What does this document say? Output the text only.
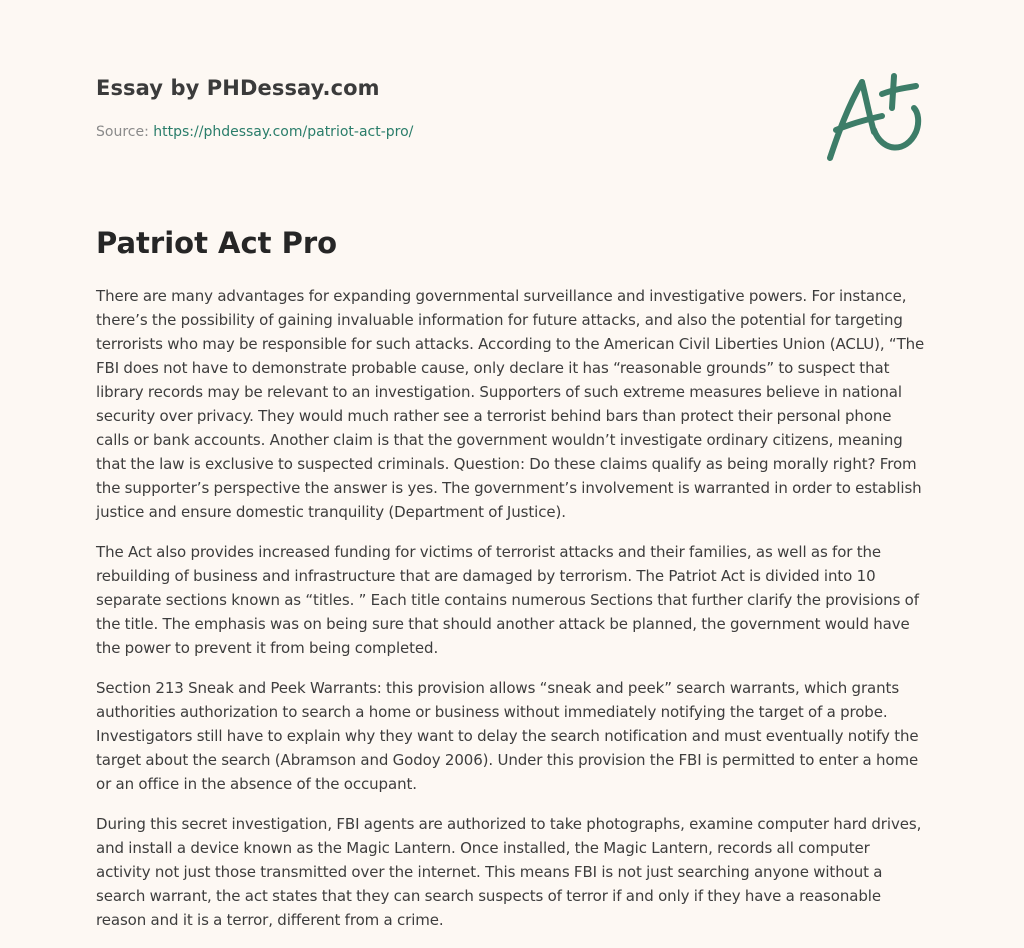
Essay by PHDessay.com
Source: https://phdessay.com/patriot-act-pro/
Patriot Act Pro

There are many advantages for expanding governmental surveillance and investigative powers. For instance, there’s the possibility of gaining invaluable information for future attacks, and also the potential for targeting terrorists who may be responsible for such attacks. According to the American Civil Liberties Union (ACLU), “The FBI does not have to demonstrate probable cause, only declare it has “reasonable grounds” to suspect that library records may be relevant to an investigation. Supporters of such extreme measures believe in national security over privacy. They would much rather see a terrorist behind bars than protect their personal phone calls or bank accounts. Another claim is that the government wouldn’t investigate ordinary citizens, meaning that the law is exclusive to suspected criminals. Question: Do these claims qualify as being morally right? From the supporter’s perspective the answer is yes. The government’s involvement is warranted in order to establish justice and ensure domestic tranquility (Department of Justice).

The Act also provides increased funding for victims of terrorist attacks and their families, as well as for the rebuilding of business and infrastructure that are damaged by terrorism. The Patriot Act is divided into 10 separate sections known as “titles. ” Each title contains numerous Sections that further clarify the provisions of the title. The emphasis was on being sure that should another attack be planned, the government would have the power to prevent it from being completed.

Section 213 Sneak and Peek Warrants: this provision allows “sneak and peek” search warrants, which grants authorities authorization to search a home or business without immediately notifying the target of a probe. Investigators still have to explain why they want to delay the search notification and must eventually notify the target about the search (Abramson and Godoy 2006). Under this provision the FBI is permitted to enter a home or an office in the absence of the occupant.

During this secret investigation, FBI agents are authorized to take photographs, examine computer hard drives, and install a device known as the Magic Lantern. Once installed, the Magic Lantern, records all computer activity not just those transmitted over the internet. This means FBI is not just searching anyone without a search warrant, the act states that they can search suspects of terror if and only if they have a reasonable reason and it is a terror, different from a crime.
